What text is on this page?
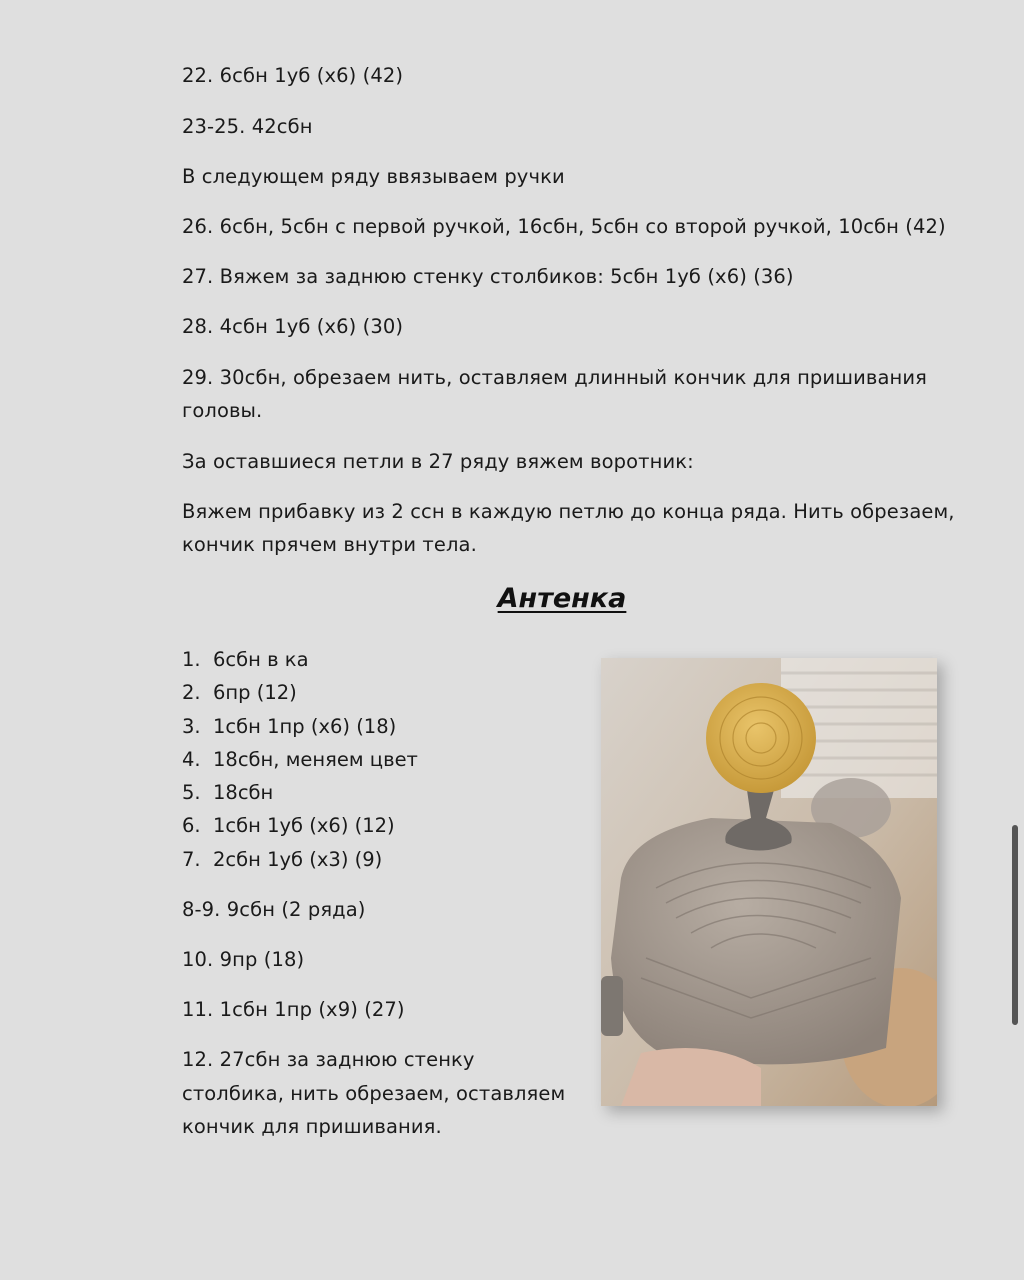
22. 6сбн 1уб (х6) (42)
23-25. 42сбн
В следующем ряду ввязываем ручки
26. 6сбн, 5сбн с первой ручкой, 16сбн, 5сбн со второй ручкой, 10сбн (42)
27. Вяжем за заднюю стенку столбиков: 5сбн 1уб (х6) (36)
28. 4сбн 1уб (х6) (30)
29. 30сбн, обрезаем нить, оставляем длинный кончик для пришивания
головы.
За оставшиеся петли в 27 ряду вяжем воротник:
Вяжем прибавку из 2 ссн в каждую петлю до конца ряда. Нить обрезаем,
кончик прячем внутри тела.
Антенка
1. 6сбн в ка
2. 6пр (12)
3. 1сбн 1пр (х6) (18)
4. 18сбн, меняем цвет
5. 18сбн
6. 1сбн 1уб (х6) (12)
7. 2сбн 1уб (х3) (9)
8-9. 9сбн (2 ряда)
10. 9пр (18)
11. 1сбн 1пр (х9) (27)
12. 27сбн за заднюю стенку
столбика, нить обрезаем, оставляем
кончик для пришивания.
